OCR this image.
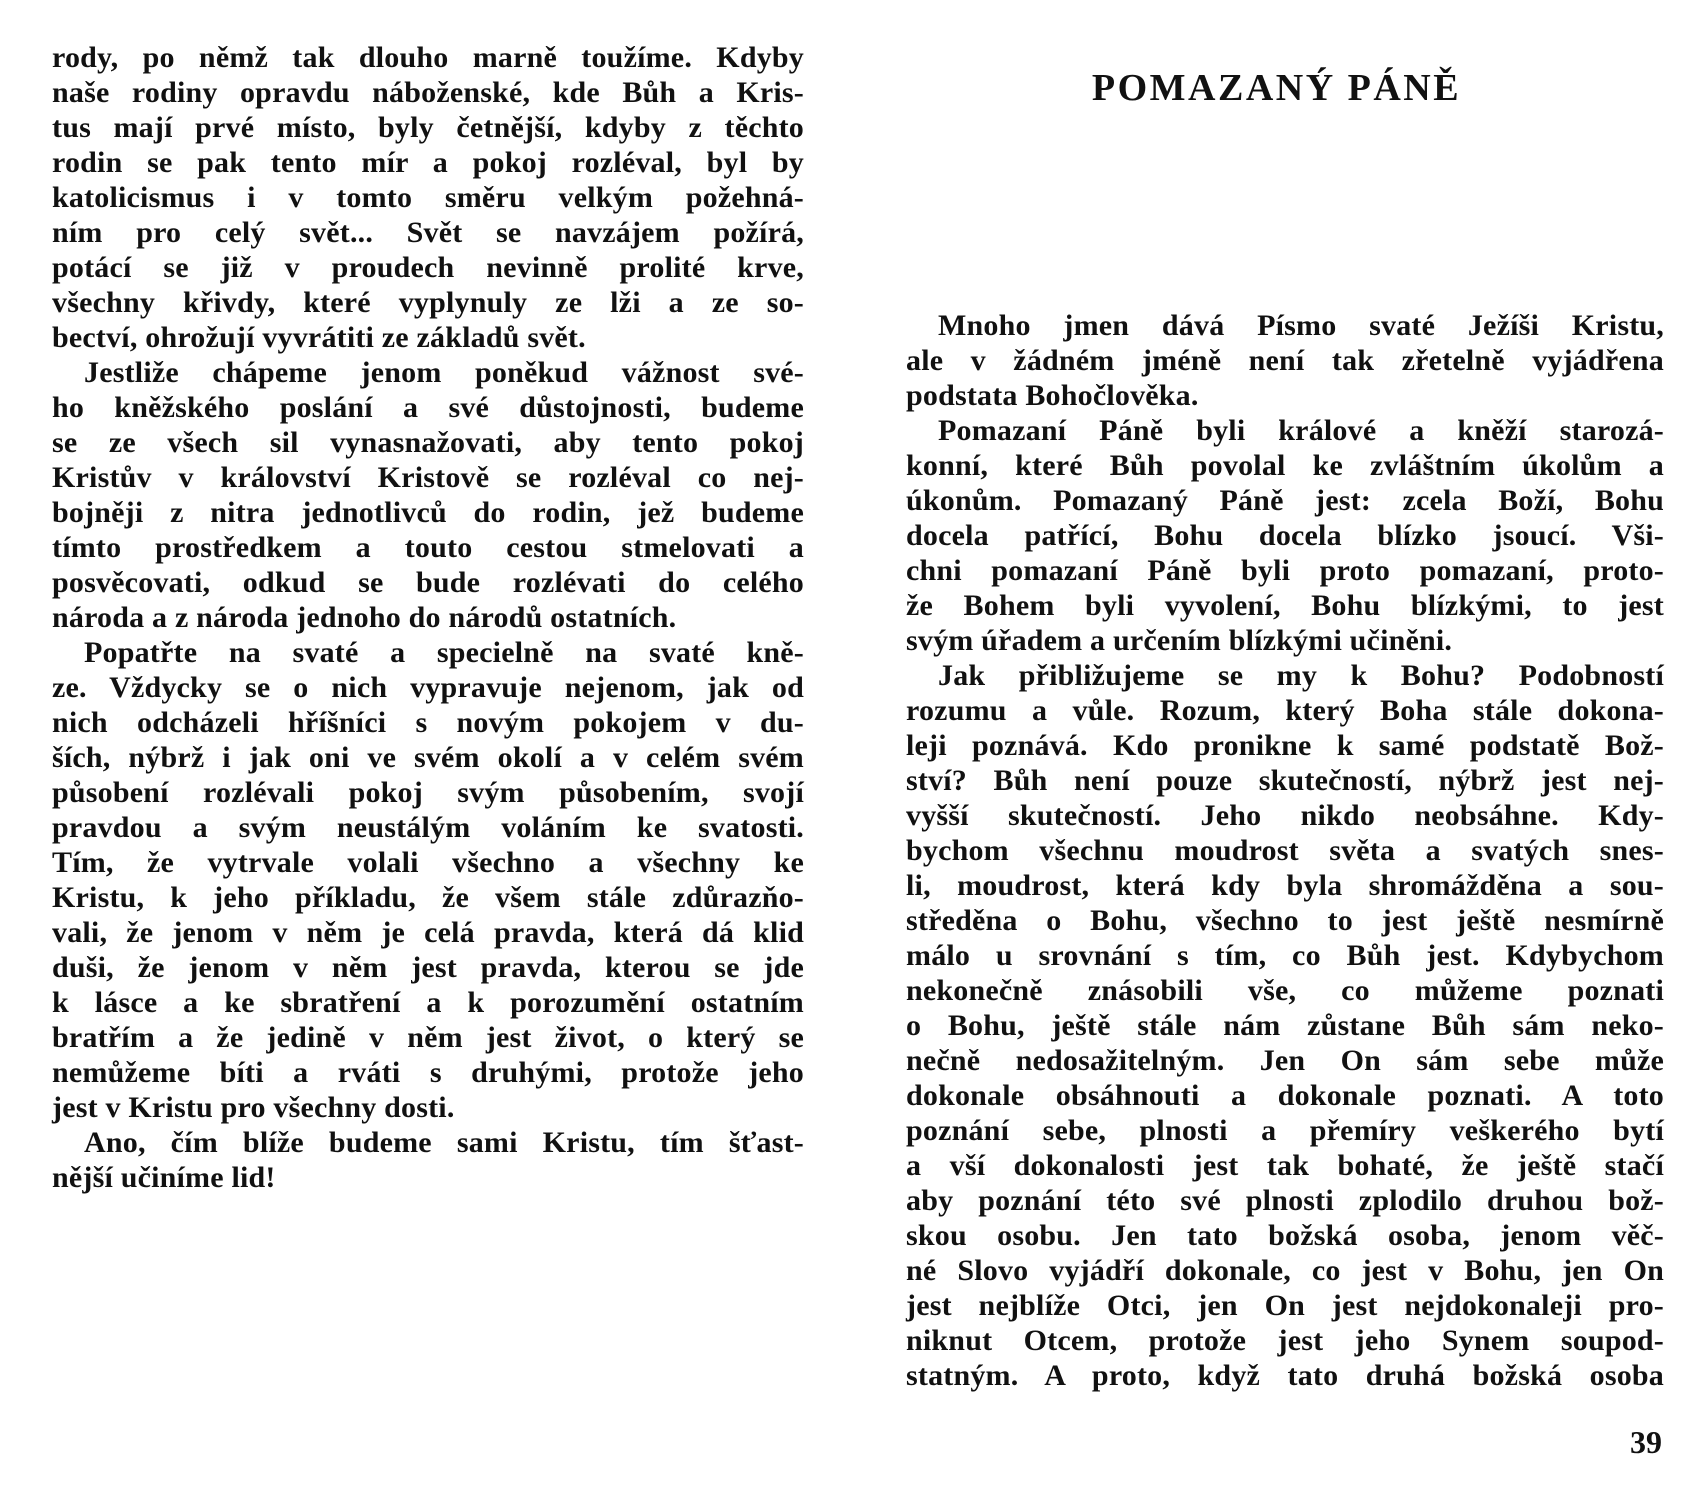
rody, po němž tak dlouho marně toužíme. Kdyby
naše rodiny opravdu náboženské, kde Bůh a Kris-
tus mají prvé místo, byly četnější, kdyby z těchto
rodin se pak tento mír a pokoj rozléval, byl by
katolicismus i v tomto směru velkým požehná-
ním pro celý svět... Svět se navzájem požírá,
potácí se již v proudech nevinně prolité krve,
všechny křivdy, které vyplynuly ze lži a ze so-
bectví, ohrožují vyvrátiti ze základů svět.
Jestliže chápeme jenom poněkud vážnost své-
ho kněžského poslání a své důstojnosti, budeme
se ze všech sil vynasnažovati, aby tento pokoj
Kristův v království Kristově se rozléval co nej-
bojněji z nitra jednotlivců do rodin, jež budeme
tímto prostředkem a touto cestou stmelovati a
posvěcovati, odkud se bude rozlévati do celého
národa a z národa jednoho do národů ostatních.
Popatřte na svaté a specielně na svaté kně-
ze. Vždycky se o nich vypravuje nejenom, jak od
nich odcházeli hříšníci s novým pokojem v du-
ších, nýbrž i jak oni ve svém okolí a v celém svém
působení rozlévali pokoj svým působením, svojí
pravdou a svým neustálým voláním ke svatosti.
Tím, že vytrvale volali všechno a všechny ke
Kristu, k jeho příkladu, že všem stále zdůrazňo-
vali, že jenom v něm je celá pravda, která dá klid
duši, že jenom v něm jest pravda, kterou se jde
k lásce a ke sbratření a k porozumění ostatním
bratřím a že jedině v něm jest život, o který se
nemůžeme bíti a rváti s druhými, protože jeho
jest v Kristu pro všechny dosti.
Ano, čím blíže budeme sami Kristu, tím šťast-
nější učiníme lid!
POMAZANÝ PÁNĚ
Mnoho jmen dává Písmo svaté Ježíši Kristu,
ale v žádném jméně není tak zřetelně vyjádřena
podstata Bohočlověka.
Pomazaní Páně byli králové a kněží starozá-
konní, které Bůh povolal ke zvláštním úkolům a
úkonům. Pomazaný Páně jest: zcela Boží, Bohu
docela patřící, Bohu docela blízko jsoucí. Vši-
chni pomazaní Páně byli proto pomazaní, proto-
že Bohem byli vyvolení, Bohu blízkými, to jest
svým úřadem a určením blízkými učiněni.
Jak přibližujeme se my k Bohu? Podobností
rozumu a vůle. Rozum, který Boha stále dokona-
leji poznává. Kdo pronikne k samé podstatě Bož-
ství? Bůh není pouze skutečností, nýbrž jest nej-
vyšší skutečností. Jeho nikdo neobsáhne. Kdy-
bychom všechnu moudrost světa a svatých snes-
li, moudrost, která kdy byla shromážděna a sou-
středěna o Bohu, všechno to jest ještě nesmírně
málo u srovnání s tím, co Bůh jest. Kdybychom
nekonečně znásobili vše, co můžeme poznati
o Bohu, ještě stále nám zůstane Bůh sám neko-
nečně nedosažitelným. Jen On sám sebe může
dokonale obsáhnouti a dokonale poznati. A toto
poznání sebe, plnosti a přemíry veškerého bytí
a vší dokonalosti jest tak bohaté, že ještě stačí
aby poznání této své plnosti zplodilo druhou bož-
skou osobu. Jen tato božská osoba, jenom věč-
né Slovo vyjádří dokonale, co jest v Bohu, jen On
jest nejblíže Otci, jen On jest nejdokonaleji pro-
niknut Otcem, protože jest jeho Synem soupod-
statným. A proto, když tato druhá božská osoba
39
